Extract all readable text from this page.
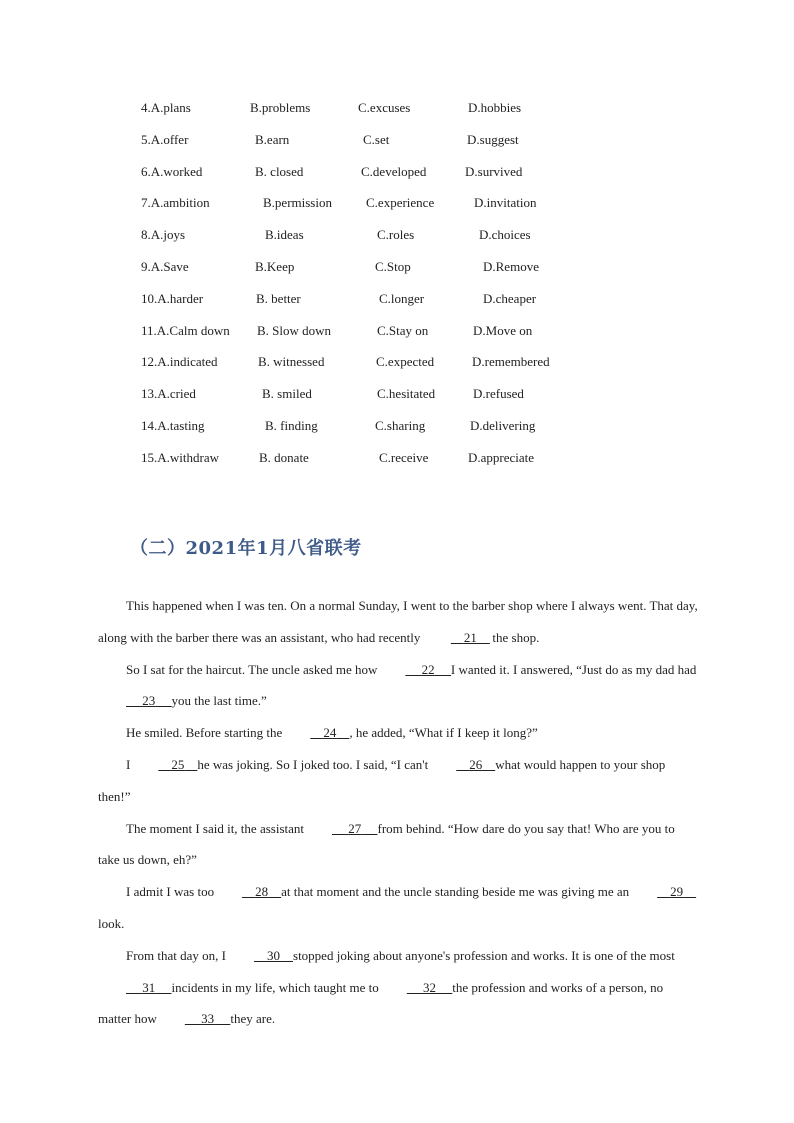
4.A.plans	B.problems	C.excuses	D.hobbies
5.A.offer	B.earn	C.set	D.suggest
6.A.worked	B. closed	C.developed	D.survived
7.A.ambition	B.permission	C.experience	D.invitation
8.A.joys	B.ideas	C.roles	D.choices
9.A.Save	B.Keep	C.Stop	D.Remove
10.A.harder	B. better	C.longer	D.cheaper
11.A.Calm down B. Slow down	C.Stay on	D.Move on
12.A.indicated	B. witnessed	C.expected	D.remembered
13.A.cried	B. smiled	C.hesitated	D.refused
14.A.tasting	B. finding	C.sharing	D.delivering
15.A.withdraw	B. donate	C.receive	D.appreciate
（二）2021年1月八省联考

This happened when I was ten. On a normal Sunday, I went to the barber shop where I always went. That day, along with the barber there was an assistant, who had recently	21 the shop.

So I sat for the haircut. The uncle asked me how	22 I wanted it. I answered, “Just do as my dad had     23 you the last time.”

He smiled. Before starting the	24 , he added, “What if I keep it long?”

I	25 he was joking. So I joked too. I said, “I can't	26 what would happen to your shop then!”

The moment I said it, the assistant	27 from behind. “How dare do you say that! Who are you to take us down, eh?”

I admit I was too	28 at that moment and the uncle standing beside me was giving me an	29    look.

From that day on, I	30 stopped joking about anyone's profession and works. It is one of the most     31 incidents in my life, which taught me to	32 the profession and works of a person, no matter how	33 they are.
